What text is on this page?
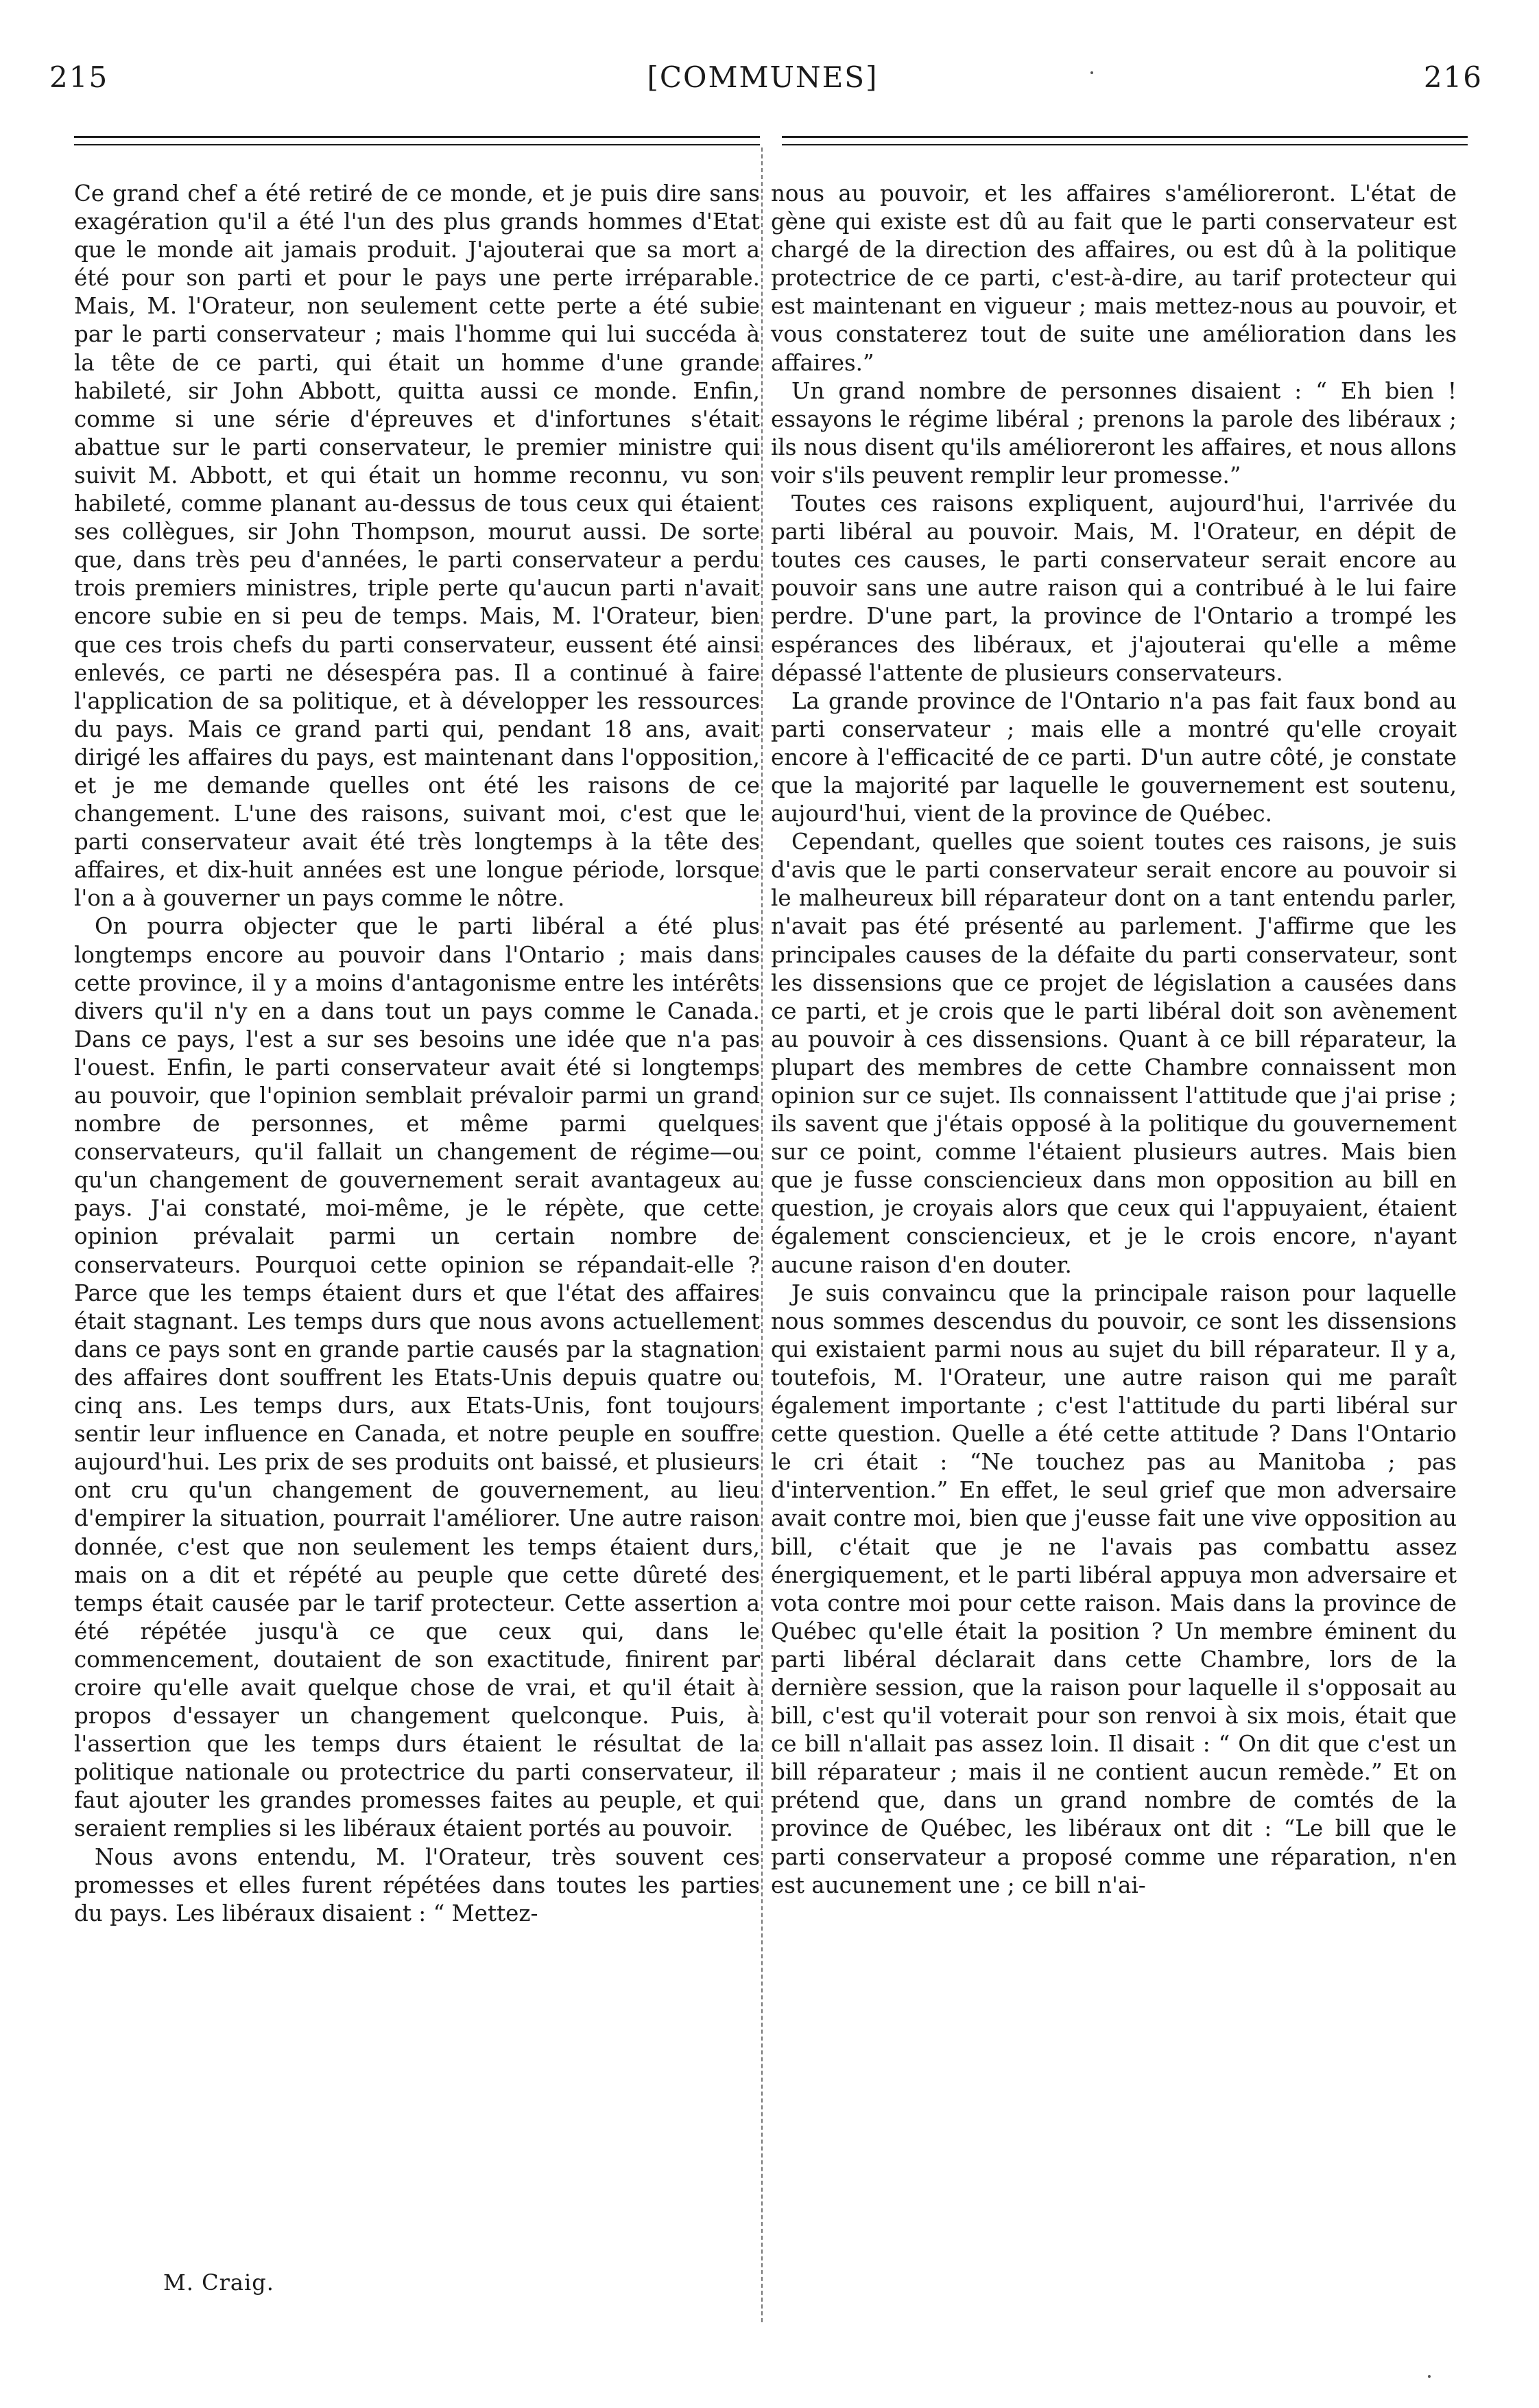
215	[COMMUNES]	216

Ce grand chef a été retiré de ce monde, et je puis dire sans exagération qu'il a été l'un des plus grands hommes d'Etat que le monde ait jamais produit. J'ajouterai que sa mort a été pour son parti et pour le pays une perte irréparable. Mais, M. l'Orateur, non seulement cette perte a été subie par le parti conservateur ; mais l'homme qui lui succéda à la tête de ce parti, qui était un homme d'une grande habileté, sir John Abbott, quitta aussi ce monde. Enfin, comme si une série d'épreuves et d'infortunes s'était abattue sur le parti conservateur, le premier ministre qui suivit M. Abbott, et qui était un homme reconnu, vu son habileté, comme planant au-dessus de tous ceux qui étaient ses collègues, sir John Thompson, mourut aussi. De sorte que, dans très peu d'années, le parti conservateur a perdu trois premiers ministres, triple perte qu'aucun parti n'avait encore subie en si peu de temps. Mais, M. l'Orateur, bien que ces trois chefs du parti conservateur, eussent été ainsi enlevés, ce parti ne désespéra pas. Il a continué à faire l'application de sa politique, et à développer les ressources du pays. Mais ce grand parti qui, pendant 18 ans, avait dirigé les affaires du pays, est maintenant dans l'opposition, et je me demande quelles ont été les raisons de ce changement. L'une des raisons, suivant moi, c'est que le parti conservateur avait été très longtemps à la tête des affaires, et dix-huit années est une longue période, lorsque l'on a à gouverner un pays comme le nôtre.

On pourra objecter que le parti libéral a été plus longtemps encore au pouvoir dans l'Ontario ; mais dans cette province, il y a moins d'antagonisme entre les intérêts divers qu'il n'y en a dans tout un pays comme le Canada. Dans ce pays, l'est a sur ses besoins une idée que n'a pas l'ouest. Enfin, le parti conservateur avait été si longtemps au pouvoir, que l'opinion semblait prévaloir parmi un grand nombre de personnes, et même parmi quelques conservateurs, qu'il fallait un changement de régime—ou qu'un changement de gouvernement serait avantageux au pays. J'ai constaté, moi-même, je le répète, que cette opinion prévalait parmi un certain nombre de conservateurs. Pourquoi cette opinion se répandait-elle ? Parce que les temps étaient durs et que l'état des affaires était stagnant. Les temps durs que nous avons actuellement dans ce pays sont en grande partie causés par la stagnation des affaires dont souffrent les Etats-Unis depuis quatre ou cinq ans. Les temps durs, aux Etats-Unis, font toujours sentir leur influence en Canada, et notre peuple en souffre aujourd'hui. Les prix de ses produits ont baissé, et plusieurs ont cru qu'un changement de gouvernement, au lieu d'empirer la situation, pourrait l'améliorer. Une autre raison donnée, c'est que non seulement les temps étaient durs, mais on a dit et répété au peuple que cette dûreté des temps était causée par le tarif protecteur. Cette assertion a été répétée jusqu'à ce que ceux qui, dans le commencement, doutaient de son exactitude, finirent par croire qu'elle avait quelque chose de vrai, et qu'il était à propos d'essayer un changement quelconque. Puis, à l'assertion que les temps durs étaient le résultat de la politique nationale ou protectrice du parti conservateur, il faut ajouter les grandes promesses faites au peuple, et qui seraient remplies si les libéraux étaient portés au pouvoir.

Nous avons entendu, M. l'Orateur, très souvent ces promesses et elles furent répétées dans toutes les parties du pays. Les libéraux disaient : “ Mettez-

M. Craig.

nous au pouvoir, et les affaires s'amélioreront. L'état de gène qui existe est dû au fait que le parti conservateur est chargé de la direction des affaires, ou est dû à la politique protectrice de ce parti, c'est-à-dire, au tarif protecteur qui est maintenant en vigueur ; mais mettez-nous au pouvoir, et vous constaterez tout de suite une amélioration dans les affaires.”

Un grand nombre de personnes disaient : “ Eh bien ! essayons le régime libéral ; prenons la parole des libéraux ; ils nous disent qu'ils amélioreront les affaires, et nous allons voir s'ils peuvent remplir leur promesse.”

Toutes ces raisons expliquent, aujourd'hui, l'arrivée du parti libéral au pouvoir. Mais, M. l'Orateur, en dépit de toutes ces causes, le parti conservateur serait encore au pouvoir sans une autre raison qui a contribué à le lui faire perdre. D'une part, la province de l'Ontario a trompé les espérances des libéraux, et j'ajouterai qu'elle a même dépassé l'attente de plusieurs conservateurs.

La grande province de l'Ontario n'a pas fait faux bond au parti conservateur ; mais elle a montré qu'elle croyait encore à l'efficacité de ce parti. D'un autre côté, je constate que la majorité par laquelle le gouvernement est soutenu, aujourd'hui, vient de la province de Québec.

Cependant, quelles que soient toutes ces raisons, je suis d'avis que le parti conservateur serait encore au pouvoir si le malheureux bill réparateur dont on a tant entendu parler, n'avait pas été présenté au parlement. J'affirme que les principales causes de la défaite du parti conservateur, sont les dissensions que ce projet de législation a causées dans ce parti, et je crois que le parti libéral doit son avènement au pouvoir à ces dissensions. Quant à ce bill réparateur, la plupart des membres de cette Chambre connaissent mon opinion sur ce sujet. Ils connaissent l'attitude que j'ai prise ; ils savent que j'étais opposé à la politique du gouvernement sur ce point, comme l'étaient plusieurs autres. Mais bien que je fusse consciencieux dans mon opposition au bill en question, je croyais alors que ceux qui l'appuyaient, étaient également consciencieux, et je le crois encore, n'ayant aucune raison d'en douter.

Je suis convaincu que la principale raison pour laquelle nous sommes descendus du pouvoir, ce sont les dissensions qui existaient parmi nous au sujet du bill réparateur. Il y a, toutefois, M. l'Orateur, une autre raison qui me paraît également importante ; c'est l'attitude du parti libéral sur cette question. Quelle a été cette attitude ? Dans l'Ontario le cri était : “Ne touchez pas au Manitoba ; pas d'intervention.” En effet, le seul grief que mon adversaire avait contre moi, bien que j'eusse fait une vive opposition au bill, c'était que je ne l'avais pas combattu assez énergiquement, et le parti libéral appuya mon adversaire et vota contre moi pour cette raison. Mais dans la province de Québec qu'elle était la position ? Un membre éminent du parti libéral déclarait dans cette Chambre, lors de la dernière session, que la raison pour laquelle il s'opposait au bill, c'est qu'il voterait pour son renvoi à six mois, était que ce bill n'allait pas assez loin. Il disait : “ On dit que c'est un bill réparateur ; mais il ne contient aucun remède.” Et on prétend que, dans un grand nombre de comtés de la province de Québec, les libéraux ont dit : “Le bill que le parti conservateur a proposé comme une réparation, n'en est aucunement une ; ce bill n'ai-
